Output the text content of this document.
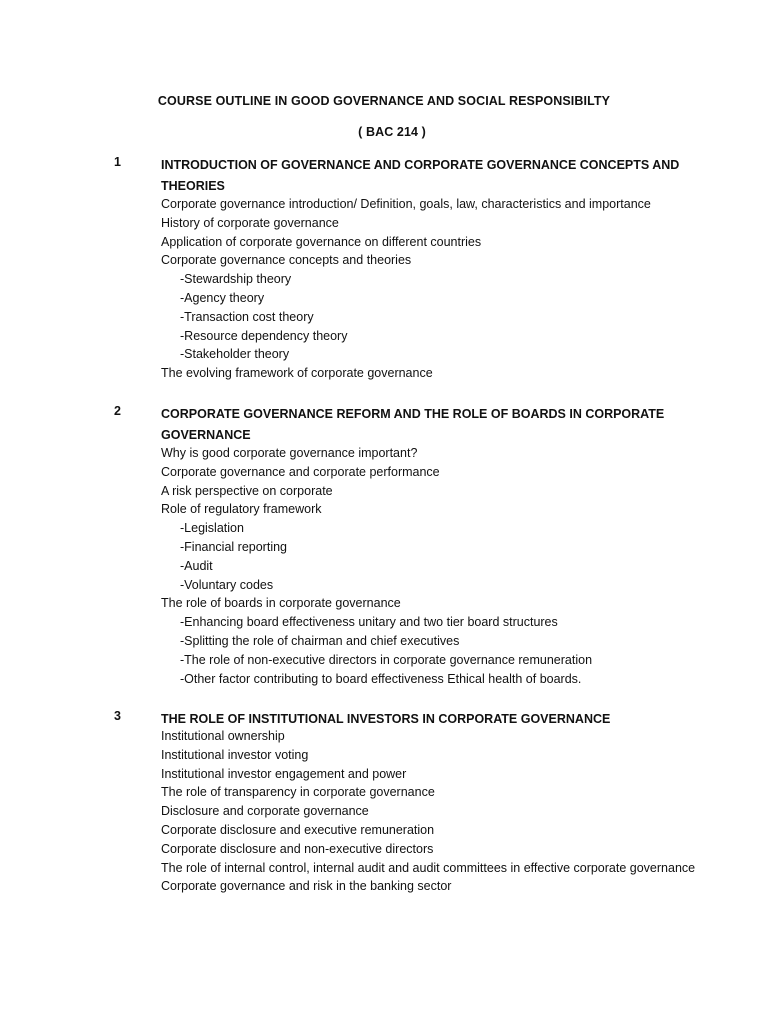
COURSE OUTLINE IN GOOD GOVERNANCE AND SOCIAL RESPONSIBILTY
( BAC 214 )
1	INTRODUCTION OF GOVERNANCE AND CORPORATE GOVERNANCE CONCEPTS AND THEORIES
Corporate governance introduction/ Definition, goals, law, characteristics and importance
History of corporate governance
Application of corporate governance on different countries
Corporate governance concepts and theories
-Stewardship theory
-Agency theory
-Transaction cost theory
-Resource dependency theory
-Stakeholder theory
The evolving framework of corporate governance
2	CORPORATE GOVERNANCE REFORM AND THE ROLE OF BOARDS IN CORPORATE GOVERNANCE
Why is good corporate governance important?
Corporate governance and corporate performance
A risk perspective on corporate
Role of regulatory framework
-Legislation
-Financial reporting
-Audit
-Voluntary codes
The role of boards in corporate governance
-Enhancing board effectiveness unitary and two tier board structures
-Splitting the role of chairman and chief executives
-The role of non-executive directors in corporate governance remuneration
-Other factor contributing to board effectiveness Ethical health of boards.
3	THE ROLE OF INSTITUTIONAL INVESTORS IN CORPORATE GOVERNANCE
Institutional ownership
Institutional investor voting
Institutional investor engagement and power
The role of transparency in corporate governance
Disclosure and corporate governance
Corporate disclosure and executive remuneration
Corporate disclosure and non-executive directors
The role of internal control, internal audit and audit committees in effective corporate governance
Corporate governance and risk in the banking sector
